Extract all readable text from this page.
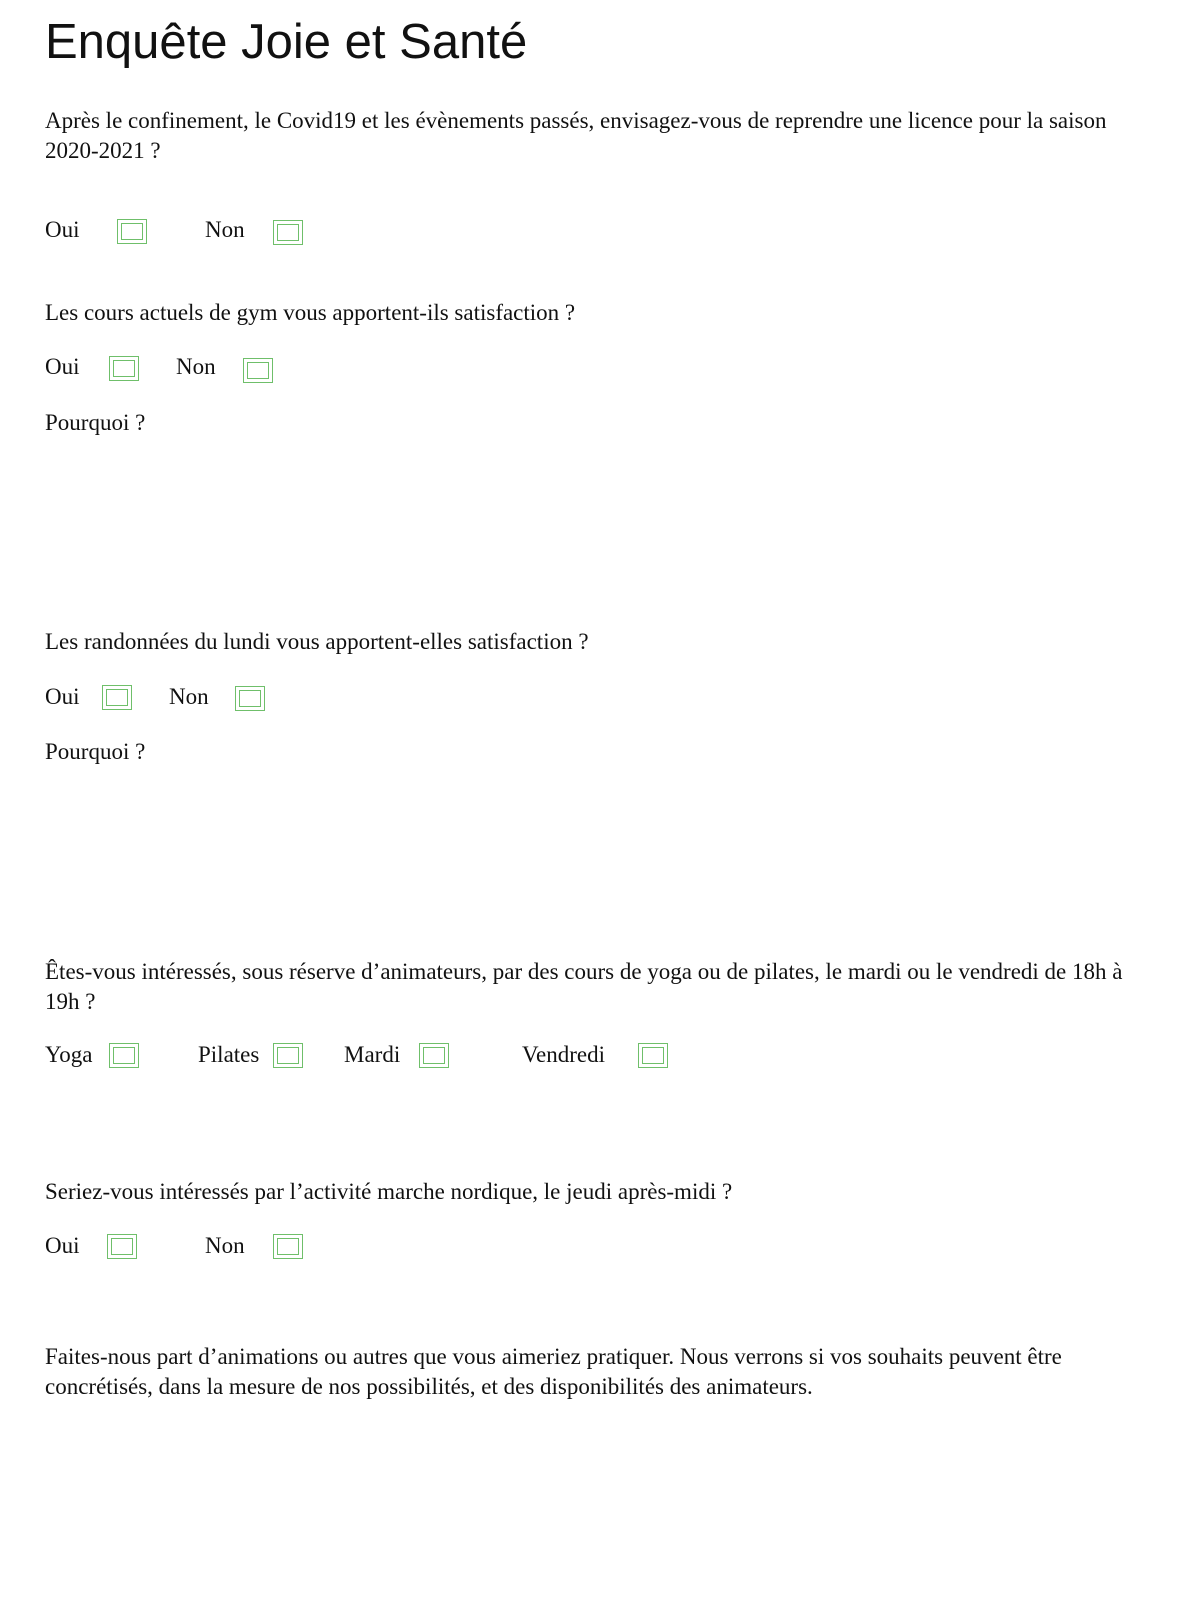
Enquête Joie et Santé

Après le confinement, le Covid19 et les évènements passés, envisagez-vous de reprendre une licence pour la saison 2020-2021 ?

Oui	Non

Les cours actuels de gym vous apportent-ils satisfaction ?

Oui	Non
Pourquoi ?

Les randonnées du lundi vous apportent-elles satisfaction ?

Oui	Non
Pourquoi ?

Êtes-vous intéressés, sous réserve d’animateurs, par des cours de yoga ou de pilates, le mardi ou le vendredi de 18h à 19h ?

Yoga	Pilates	Mardi	Vendredi

Seriez-vous intéressés par l’activité marche nordique, le jeudi après-midi ?

Oui	Non

Faites-nous part d’animations ou autres que vous aimeriez pratiquer. Nous verrons si vos souhaits peuvent être concrétisés, dans la mesure de nos possibilités, et des disponibilités des animateurs.
